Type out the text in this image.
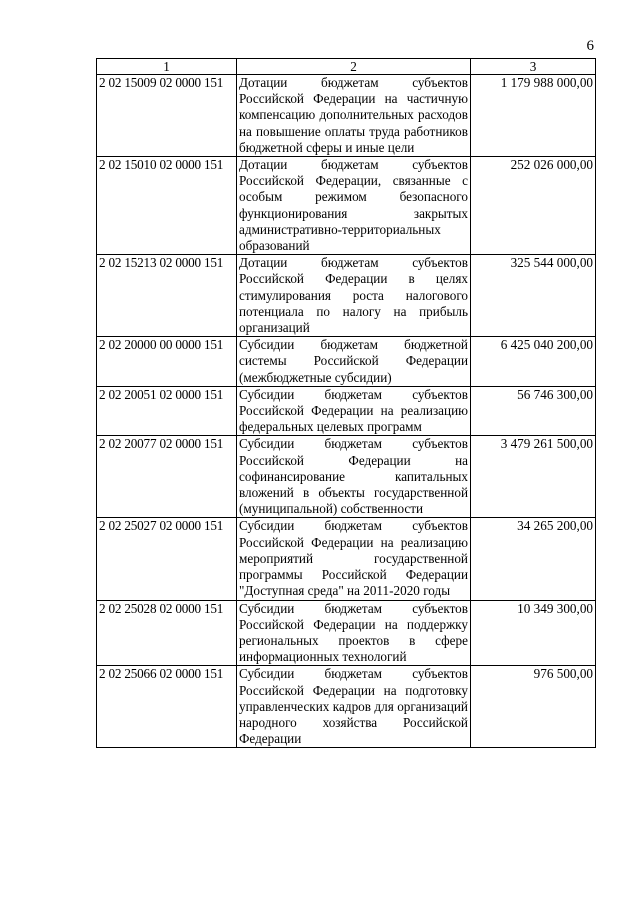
6
1	2	3
2 02 15009 02 0000 151	Дотации бюджетам субъектов Российской Федерации на частичную компенсацию дополнительных расходов на повышение оплаты труда работников бюджетной сферы и иные цели	1 179 988 000,00
2 02 15010 02 0000 151	Дотации бюджетам субъектов Российской Федерации, связанные с особым режимом безопасного функционирования закрытых административно-территориальных образований	252 026 000,00
2 02 15213 02 0000 151	Дотации бюджетам субъектов Российской Федерации в целях стимулирования роста налогового потенциала по налогу на прибыль организаций	325 544 000,00
2 02 20000 00 0000 151	Субсидии бюджетам бюджетной системы Российской Федерации (межбюджетные субсидии)	6 425 040 200,00
2 02 20051 02 0000 151	Субсидии бюджетам субъектов Российской Федерации на реализацию федеральных целевых программ	56 746 300,00
2 02 20077 02 0000 151	Субсидии бюджетам субъектов Российской Федерации на софинансирование капитальных вложений в объекты государственной (муниципальной) собственности	3 479 261 500,00
2 02 25027 02 0000 151	Субсидии бюджетам субъектов Российской Федерации на реализацию мероприятий государственной программы Российской Федерации "Доступная среда" на 2011-2020 годы	34 265 200,00
2 02 25028 02 0000 151	Субсидии бюджетам субъектов Российской Федерации на поддержку региональных проектов в сфере информационных технологий	10 349 300,00
2 02 25066 02 0000 151	Субсидии бюджетам субъектов Российской Федерации на подготовку управленческих кадров для организаций народного хозяйства Российской Федерации	976 500,00
